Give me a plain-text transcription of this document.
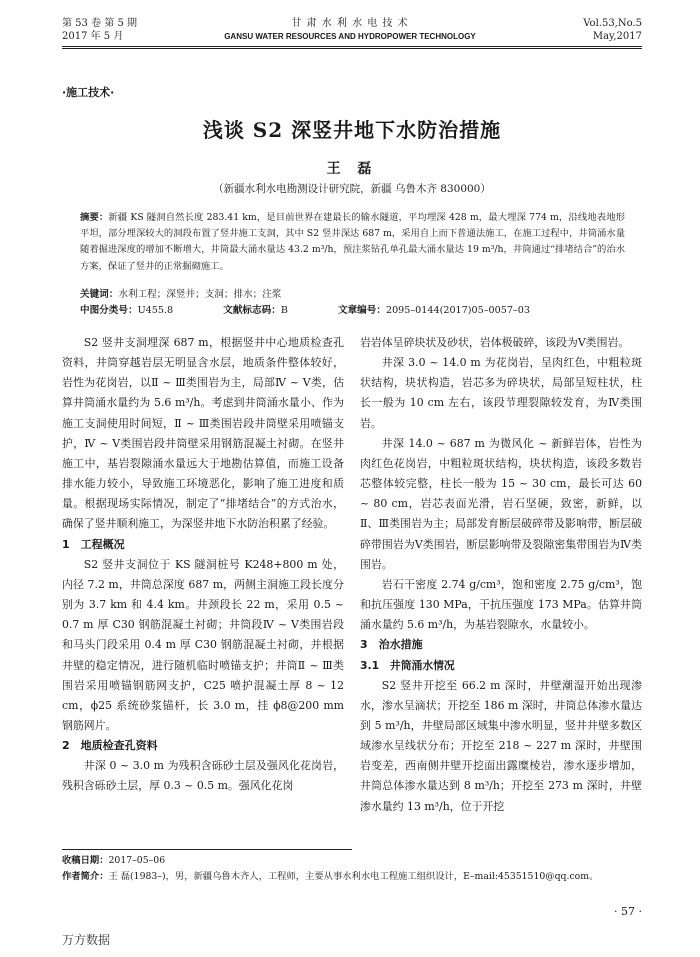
第 53 卷 第 5 期
2017 年 5 月
甘 肃 水 利 水 电 技 术
GANSU WATER RESOURCES AND HYDROPOWER TECHNOLOGY
Vol.53,No.5
May,2017
·施工技术·
浅谈 S2 深竖井地下水防治措施
王 磊
（新疆水利水电勘测设计研究院，新疆 乌鲁木齐 830000）
摘要：新疆 KS 隧洞自然长度 283.41 km，是目前世界在建最长的输水隧道，平均埋深 428 m，最大埋深 774 m，沿线地表地形平坦，部分埋深较大的洞段布置了竖井施工支洞，其中 S2 竖井深达 687 m，采用自上而下普通法施工，在施工过程中，井筒涌水量随着掘进深度的增加不断增大，井筒最大涌水量达 43.2 m³/h，预注浆钻孔单孔最大涌水量达 19 m³/h，井筒通过“排堵结合”的治水方案，保证了竖井的正常掘砌施工。
关键词：水利工程；深竖井；支洞；排水；注浆
中图分类号：U455.8	文献标志码：B	文章编号：2095–0144(2017)05–0057–03

S2 竖井支洞埋深 687 m，根据竖井中心地质检查孔资料，井筒穿越岩层无明显含水层，地质条件整体较好，岩性为花岗岩，以Ⅱ ~ Ⅲ类围岩为主，局部Ⅳ ~ Ⅴ类，估算井筒涌水量约为 5.6 m³/h。考虑到井筒涌水量小、作为施工支洞使用时间短，Ⅱ ~ Ⅲ类围岩段井筒壁采用喷锚支护，Ⅳ ~ Ⅴ类围岩段井筒壁采用钢筋混凝土衬砌。在竖井施工中，基岩裂隙涌水量远大于地勘估算值，而施工设备排水能力较小，导致施工环境恶化，影响了施工进度和质量。根据现场实际情况，制定了“排堵结合”的方式治水，确保了竖井顺利施工，为深竖井地下水防治积累了经验。

1　工程概况

S2 竖井支洞位于 KS 隧洞桩号 K248+800 m 处，内径 7.2 m，井筒总深度 687 m，两侧主洞施工段长度分别为 3.7 km 和 4.4 km。井颈段长 22 m，采用 0.5 ~ 0.7 m 厚 C30 钢筋混凝土衬砌；井筒段Ⅳ ~ Ⅴ类围岩段和马头门段采用 0.4 m 厚 C30 钢筋混凝土衬砌，并根据井壁的稳定情况，进行随机临时喷锚支护；井筒Ⅱ ~ Ⅲ类围岩采用喷锚钢筋网支护，C25 喷护混凝土厚 8 ~ 12 cm，ϕ25 系统砂浆锚杆，长 3.0 m，挂 ϕ8@200 mm 钢筋网片。

2　地质检查孔资料

井深 0 ~ 3.0 m 为残积含砾砂土层及强风化花岗岩，残积含砾砂土层，厚 0.3 ~ 0.5 m。强风化花岗

岩岩体呈碎块状及砂状，岩体极破碎，该段为Ⅴ类围岩。

井深 3.0 ~ 14.0 m 为花岗岩，呈肉红色，中粗粒斑状结构，块状构造，岩芯多为碎块状，局部呈短柱状，柱长一般为 10 cm 左右，该段节理裂隙较发育，为Ⅳ类围岩。

井深 14.0 ~ 687 m 为微风化 ~ 新鲜岩体，岩性为肉红色花岗岩，中粗粒斑状结构，块状构造，该段多数岩芯整体较完整，柱长一般为 15 ~ 30 cm，最长可达 60 ~ 80 cm，岩芯表面光滑，岩石坚硬，致密，新鲜，以Ⅱ、Ⅲ类围岩为主；局部发育断层破碎带及影响带，断层破碎带围岩为Ⅴ类围岩，断层影响带及裂隙密集带围岩为Ⅳ类围岩。

岩石干密度 2.74 g/cm³，饱和密度 2.75 g/cm³，饱和抗压强度 130 MPa，干抗压强度 173 MPa。估算井筒涌水量约 5.6 m³/h，为基岩裂隙水，水量较小。

3　治水措施
3.1　井筒涌水情况

S2 竖井开挖至 66.2 m 深时，井壁潮湿开始出现渗水，渗水呈滴状；开挖至 186 m 深时，井筒总体渗水量达到 5 m³/h，井壁局部区域集中渗水明显，竖井井壁多数区域渗水呈线状分布；开挖至 218 ~ 227 m 深时，井壁围岩变差，西南侧井壁开挖面出露糜棱岩，渗水逐步增加，井筒总体渗水量达到 8 m³/h；开挖至 273 m 深时，井壁渗水量约 13 m³/h，位于开挖

收稿日期：2017–05–06
作者简介：王 磊(1983–)，男，新疆乌鲁木齐人，工程师，主要从事水利水电工程施工组织设计，E–mail:45351510@qq.com。
· 57 ·
万方数据
